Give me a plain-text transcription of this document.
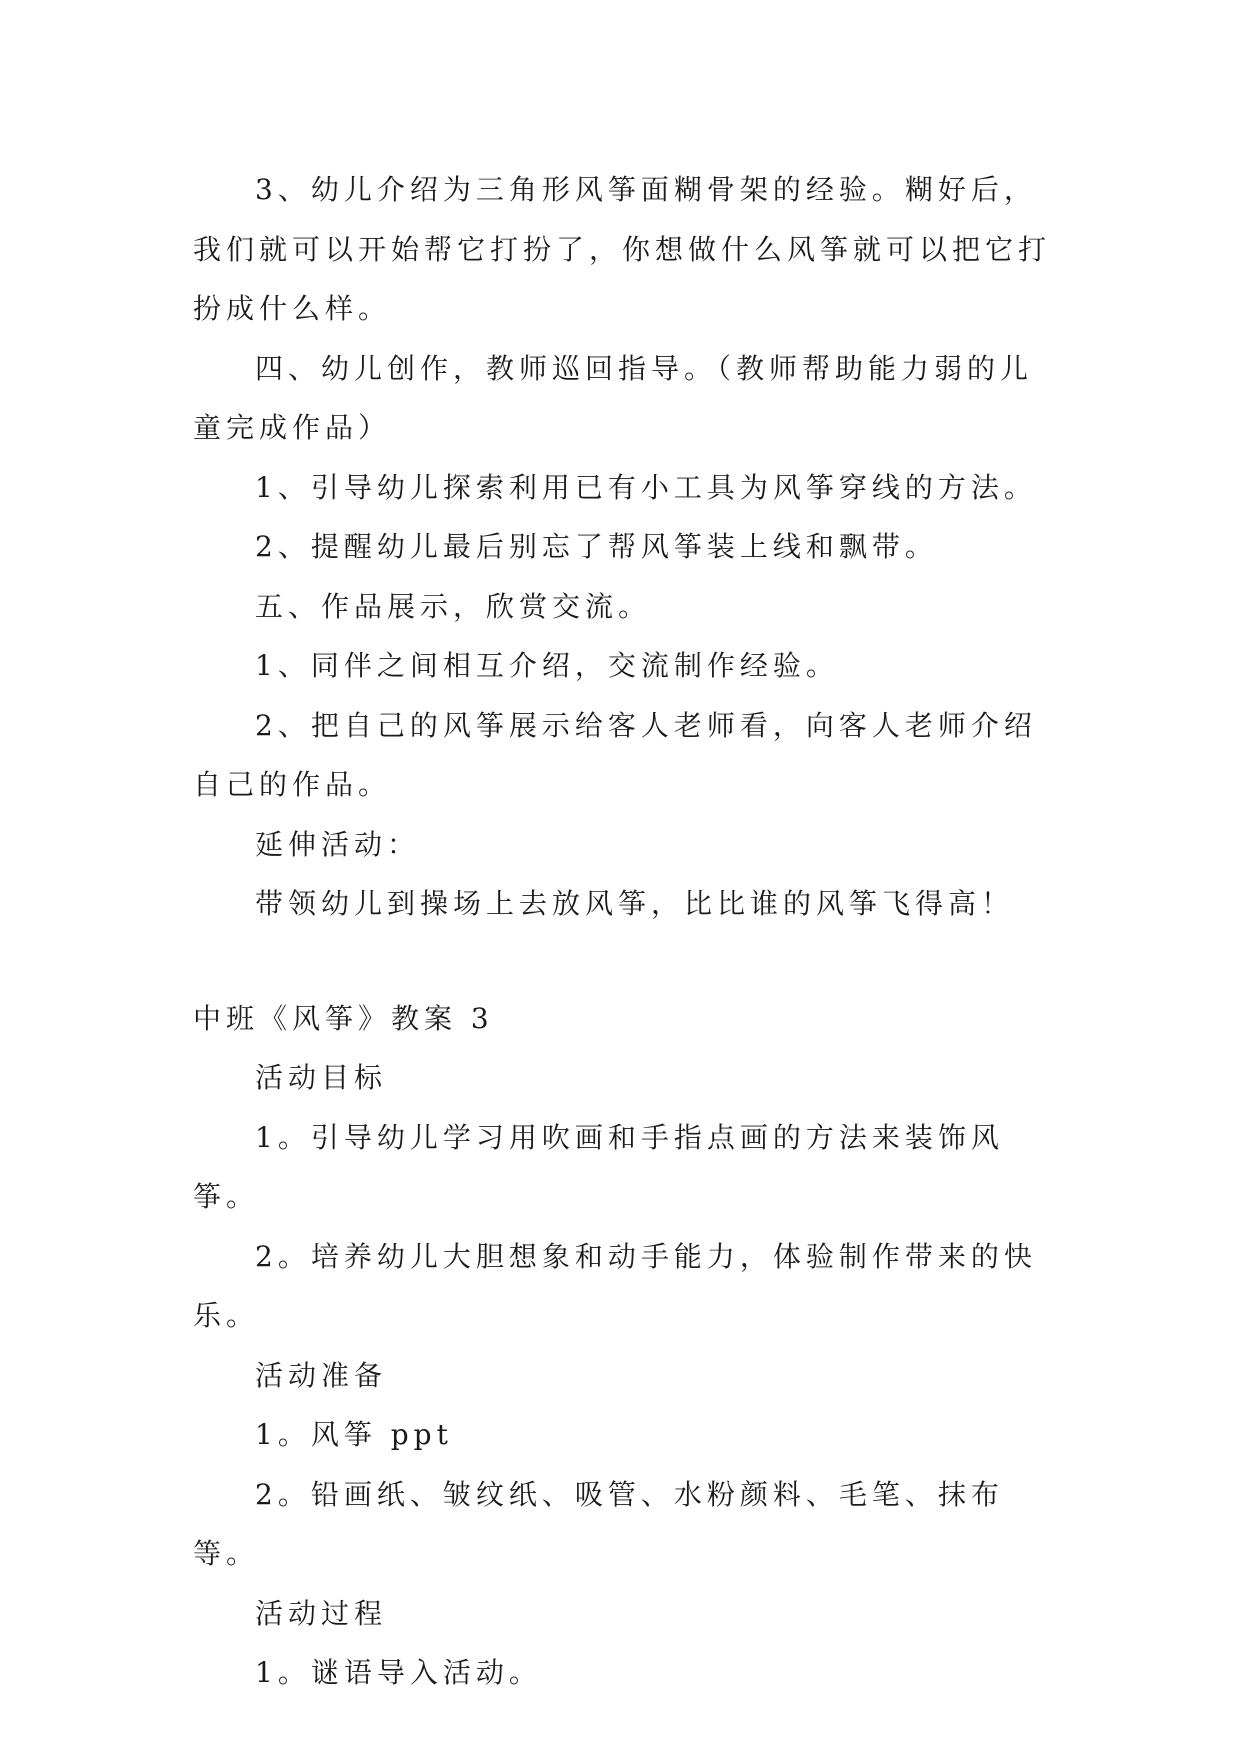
3、幼儿介绍为三角形风筝面糊骨架的经验。糊好后，我们就可以开始帮它打扮了，你想做什么风筝就可以把它打扮成什么样。

四、幼儿创作，教师巡回指导。（教师帮助能力弱的儿童完成作品）

1、引导幼儿探索利用已有小工具为风筝穿线的方法。

2、提醒幼儿最后别忘了帮风筝装上线和飘带。

五、作品展示，欣赏交流。

1、同伴之间相互介绍，交流制作经验。

2、把自己的风筝展示给客人老师看，向客人老师介绍自己的作品。

延伸活动：

带领幼儿到操场上去放风筝，比比谁的风筝飞得高！

中班《风筝》教案 3

活动目标

1。引导幼儿学习用吹画和手指点画的方法来装饰风筝。

2。培养幼儿大胆想象和动手能力，体验制作带来的快乐。

活动准备

1。风筝 ppt

2。铅画纸、皱纹纸、吸管、水粉颜料、毛笔、抹布等。

活动过程

1。谜语导入活动。
